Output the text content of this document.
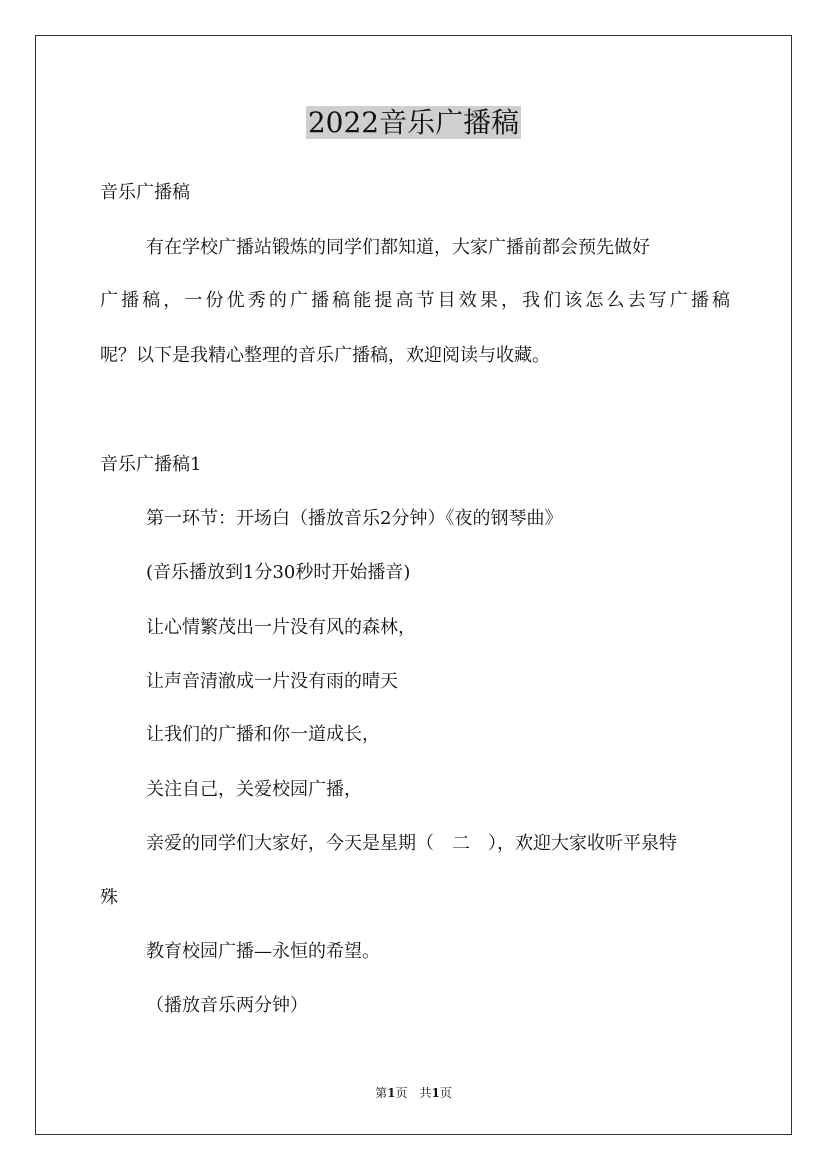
2022音乐广播稿
音乐广播稿
有在学校广播站锻炼的同学们都知道，大家广播前都会预先做好
广播稿，一份优秀的广播稿能提高节目效果，我们该怎么去写广播稿
呢？以下是我精心整理的音乐广播稿，欢迎阅读与收藏。
音乐广播稿1
第一环节：开场白（播放音乐2分钟）《夜的钢琴曲》
(音乐播放到1分30秒时开始播音)
让心情繁茂出一片没有风的森林，
让声音清澈成一片没有雨的晴天
让我们的广播和你一道成长，
关注自己，关爱校园广播，
亲爱的同学们大家好，今天是星期（　二　），欢迎大家收听平泉特
殊
教育校园广播—永恒的希望。
（播放音乐两分钟）
第1页　共1页
